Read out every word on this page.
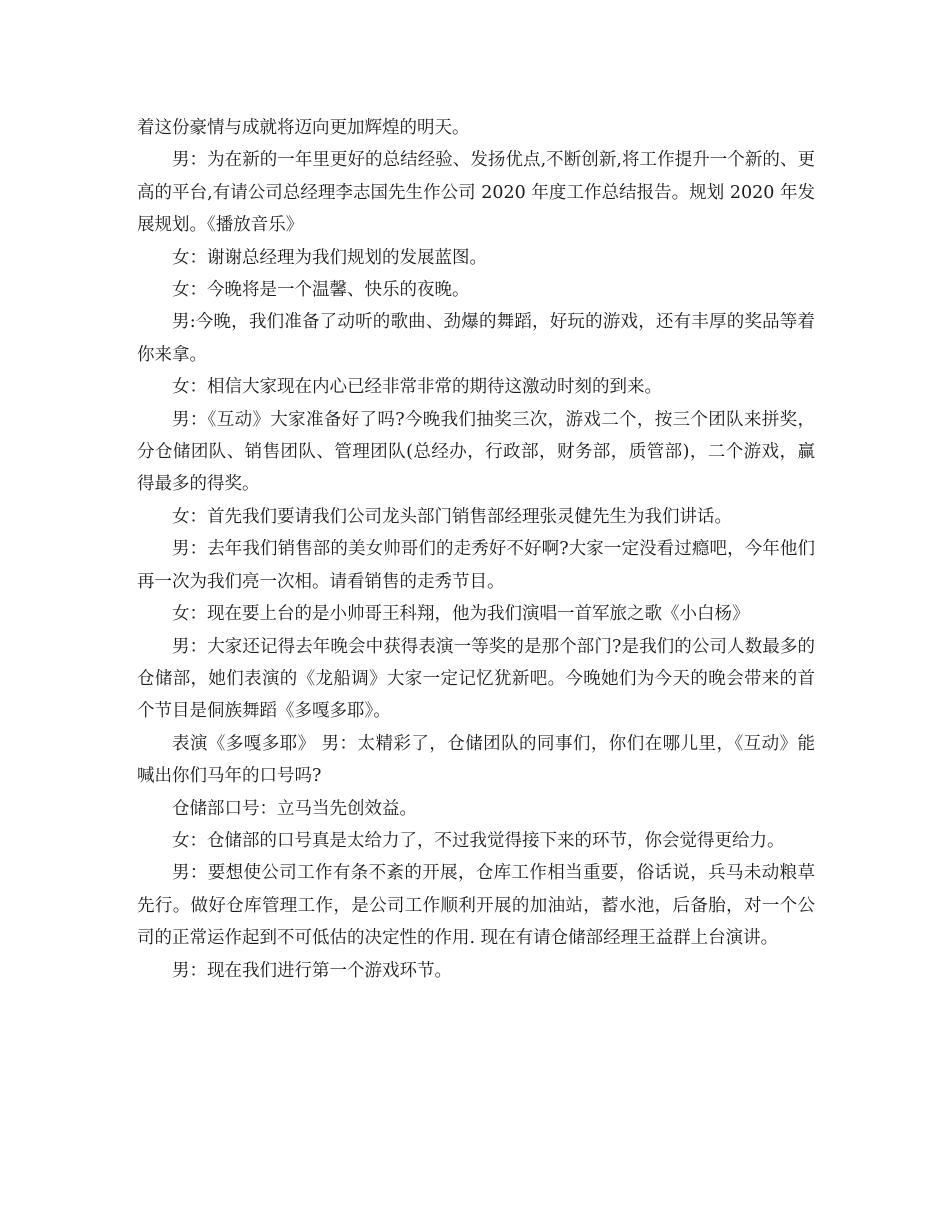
着这份豪情与成就将迈向更加辉煌的明天。

男：为在新的一年里更好的总结经验、发扬优点,不断创新,将工作提升一个新的、更高的平台,有请公司总经理李志国先生作公司 2020 年度工作总结报告。规划 2020 年发展规划。《播放音乐》

女：谢谢总经理为我们规划的发展蓝图。

女：今晚将是一个温馨、快乐的夜晚。

男:今晚，我们准备了动听的歌曲、劲爆的舞蹈，好玩的游戏，还有丰厚的奖品等着你来拿。

女：相信大家现在内心已经非常非常的期待这激动时刻的到来。

男：《互动》大家准备好了吗?今晚我们抽奖三次，游戏二个，按三个团队来拼奖，分仓储团队、销售团队、管理团队(总经办，行政部，财务部，质管部)，二个游戏，赢得最多的得奖。

女：首先我们要请我们公司龙头部门销售部经理张灵健先生为我们讲话。

男：去年我们销售部的美女帅哥们的走秀好不好啊?大家一定没看过瘾吧，今年他们再一次为我们亮一次相。请看销售的走秀节目。

女：现在要上台的是小帅哥王科翔，他为我们演唱一首军旅之歌《小白杨》

男：大家还记得去年晚会中获得表演一等奖的是那个部门?是我们的公司人数最多的仓储部，她们表演的《龙船调》大家一定记忆犹新吧。今晚她们为今天的晚会带来的首个节目是侗族舞蹈《多嘎多耶》。

表演《多嘎多耶》 男：太精彩了，仓储团队的同事们，你们在哪儿里，《互动》能喊出你们马年的口号吗?

仓储部口号：立马当先创效益。

女：仓储部的口号真是太给力了，不过我觉得接下来的环节，你会觉得更给力。

男：要想使公司工作有条不紊的开展，仓库工作相当重要，俗话说，兵马未动粮草先行。做好仓库管理工作，是公司工作顺利开展的加油站，蓄水池，后备胎，对一个公司的正常运作起到不可低估的决定性的作用. 现在有请仓储部经理王益群上台演讲。

男：现在我们进行第一个游戏环节。
